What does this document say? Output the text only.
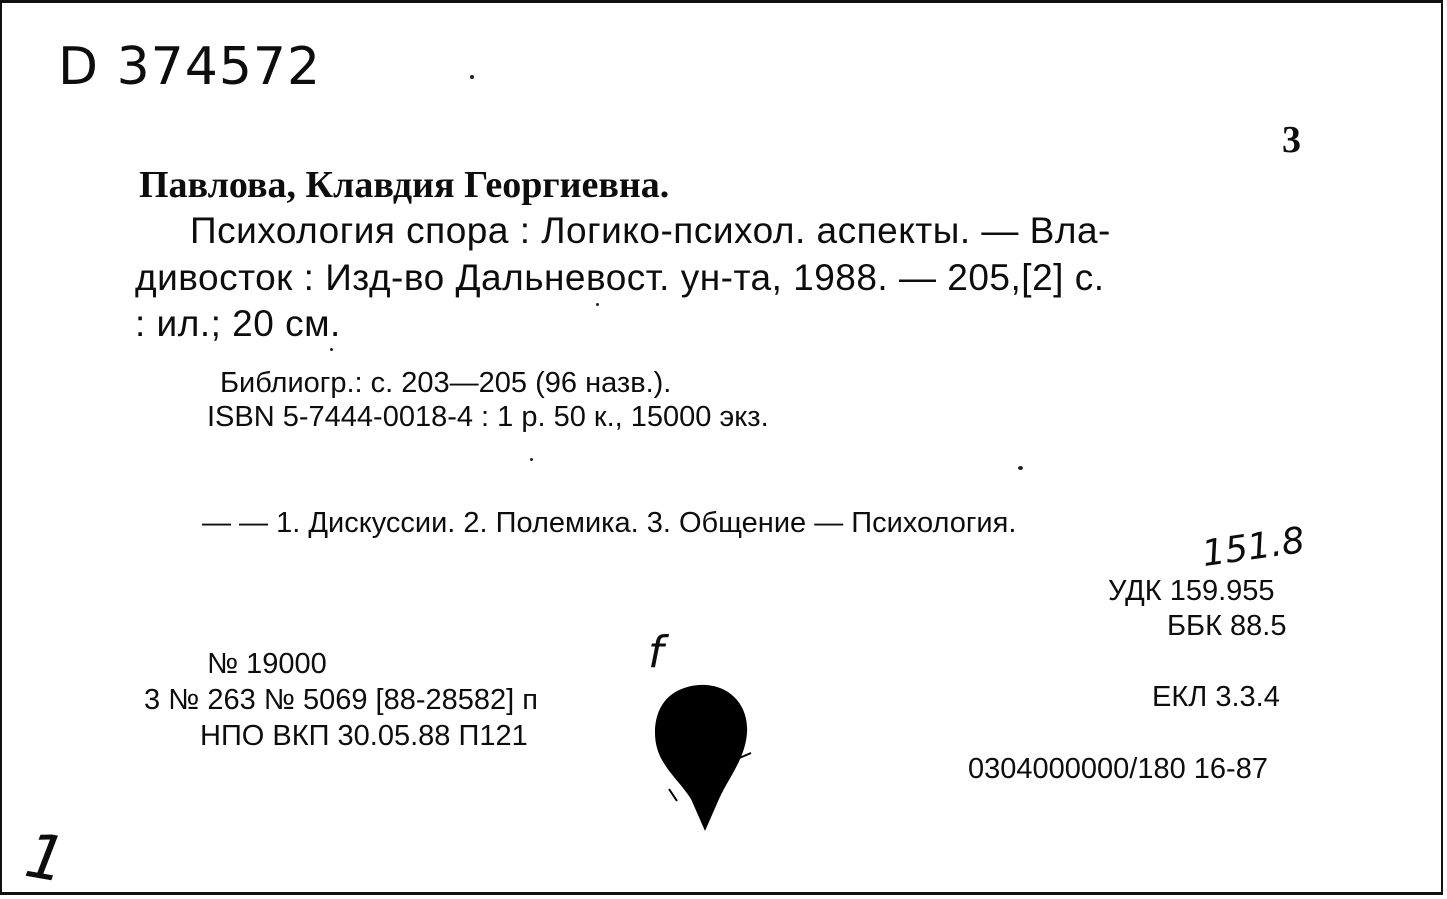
D 374572
3
Павлова, Клавдия Георгиевна.
Психология спора : Логико-психол. аспекты. — Вла-
дивосток : Изд-во Дальневост. ун-та, 1988. — 205,[2] с.
: ил.; 20 см.
Библиогр.: с. 203—205 (96 назв.).
ISBN 5-7444-0018-4 : 1 р. 50 к., 15000 экз.
— — 1. Дискуссии. 2. Полемика. 3. Общение — Психология.	151.8
УДК 159.955
ББК 88.5
f
№ 19000
3 № 263 № 5069 [88-28582] п
НПО ВКП 30.05.88 П121
ЕКЛ 3.3.4
0304000000/180 16-87
1
